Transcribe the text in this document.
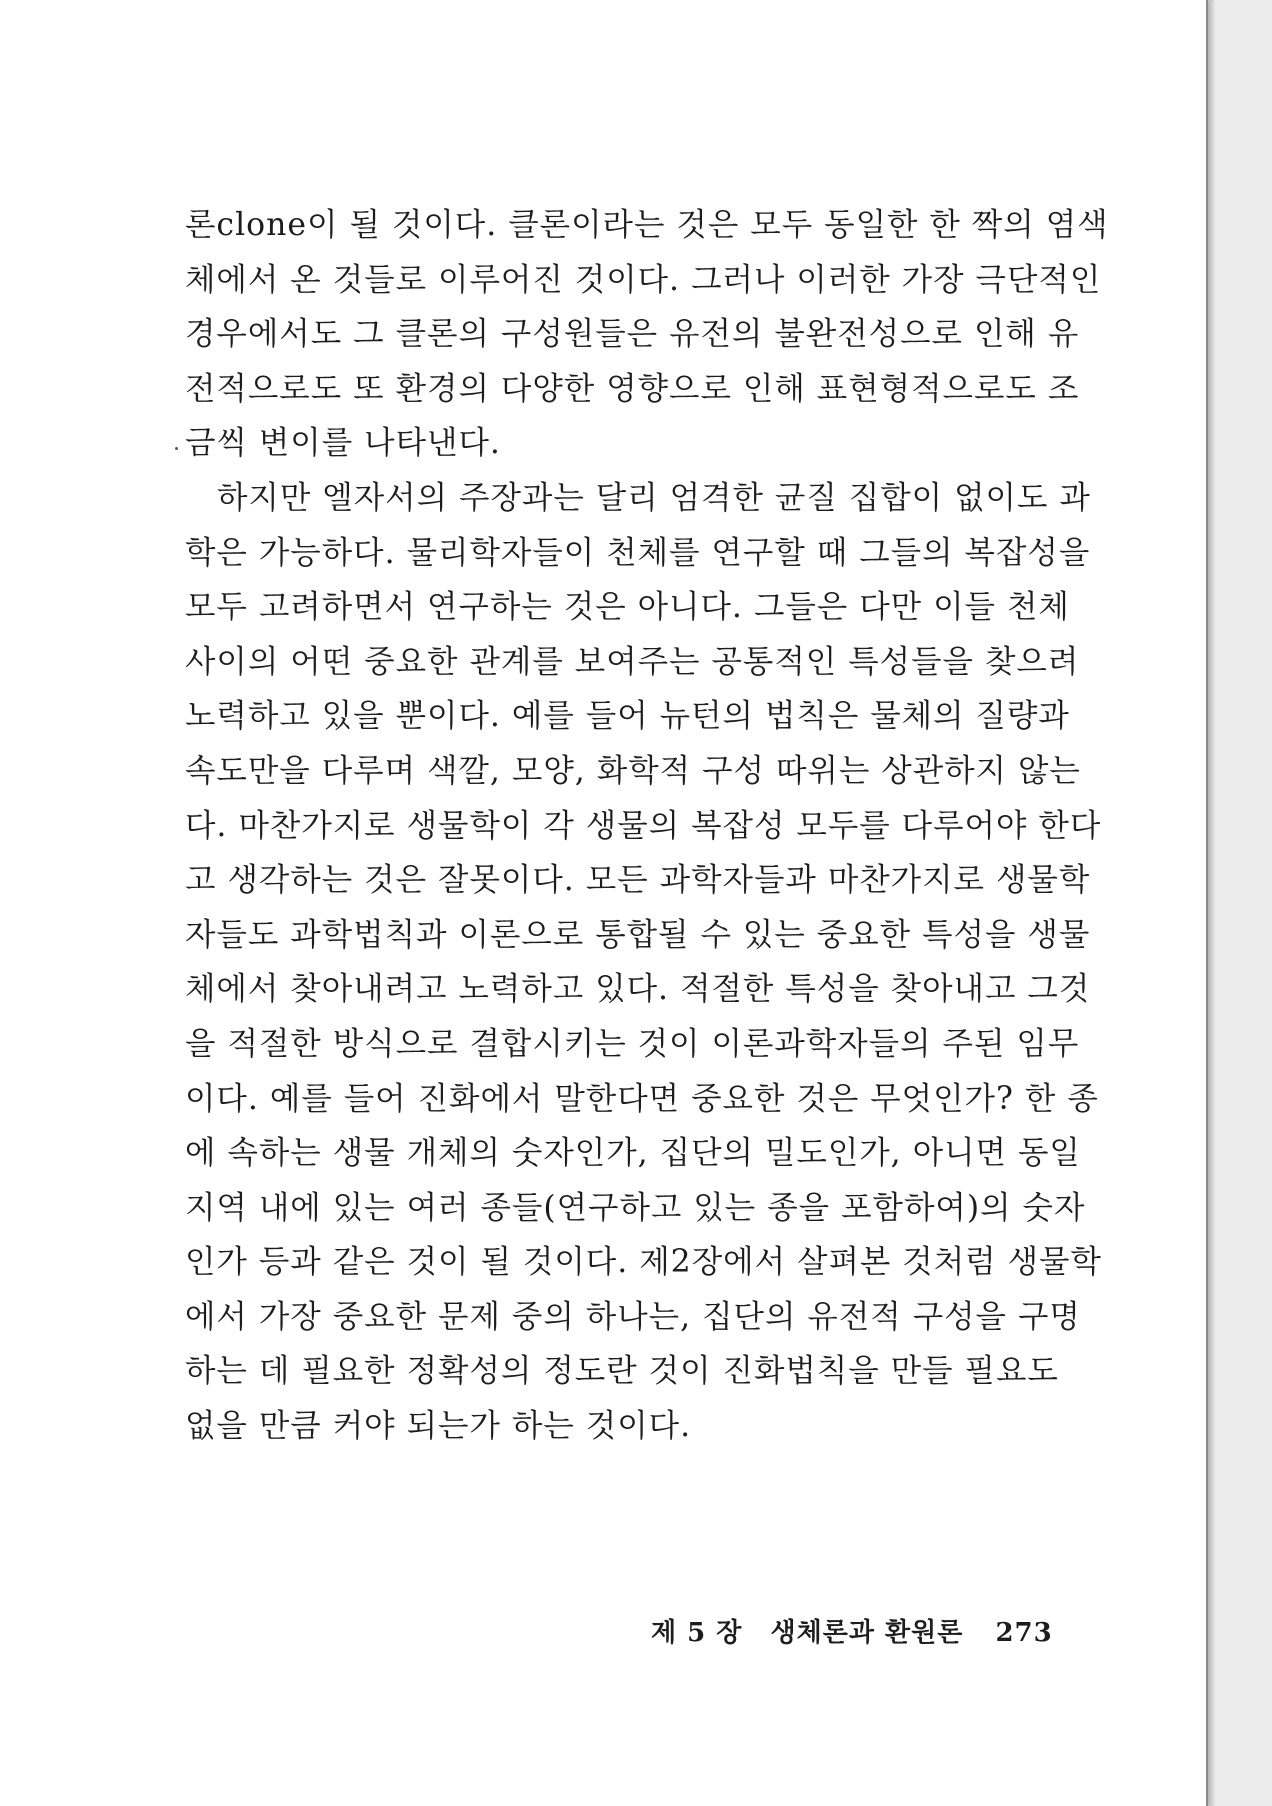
론clone이 될 것이다. 클론이라는 것은 모두 동일한 한 짝의 염색
체에서 온 것들로 이루어진 것이다. 그러나 이러한 가장 극단적인
경우에서도 그 클론의 구성원들은 유전의 불완전성으로 인해 유
전적으로도 또 환경의 다양한 영향으로 인해 표현형적으로도 조
금씩 변이를 나타낸다.
하지만 엘자서의 주장과는 달리 엄격한 균질 집합이 없이도 과
학은 가능하다. 물리학자들이 천체를 연구할 때 그들의 복잡성을
모두 고려하면서 연구하는 것은 아니다. 그들은 다만 이들 천체
사이의 어떤 중요한 관계를 보여주는 공통적인 특성들을 찾으려
노력하고 있을 뿐이다. 예를 들어 뉴턴의 법칙은 물체의 질량과
속도만을 다루며 색깔, 모양, 화학적 구성 따위는 상관하지 않는
다. 마찬가지로 생물학이 각 생물의 복잡성 모두를 다루어야 한다
고 생각하는 것은 잘못이다. 모든 과학자들과 마찬가지로 생물학
자들도 과학법칙과 이론으로 통합될 수 있는 중요한 특성을 생물
체에서 찾아내려고 노력하고 있다. 적절한 특성을 찾아내고 그것
을 적절한 방식으로 결합시키는 것이 이론과학자들의 주된 임무
이다. 예를 들어 진화에서 말한다면 중요한 것은 무엇인가? 한 종
에 속하는 생물 개체의 숫자인가, 집단의 밀도인가, 아니면 동일
지역 내에 있는 여러 종들(연구하고 있는 종을 포함하여)의 숫자
인가 등과 같은 것이 될 것이다. 제2장에서 살펴본 것처럼 생물학
에서 가장 중요한 문제 중의 하나는, 집단의 유전적 구성을 구명
하는 데 필요한 정확성의 정도란 것이 진화법칙을 만들 필요도
없을 만큼 커야 되는가 하는 것이다.
제 5 장 생체론과 환원론 273
